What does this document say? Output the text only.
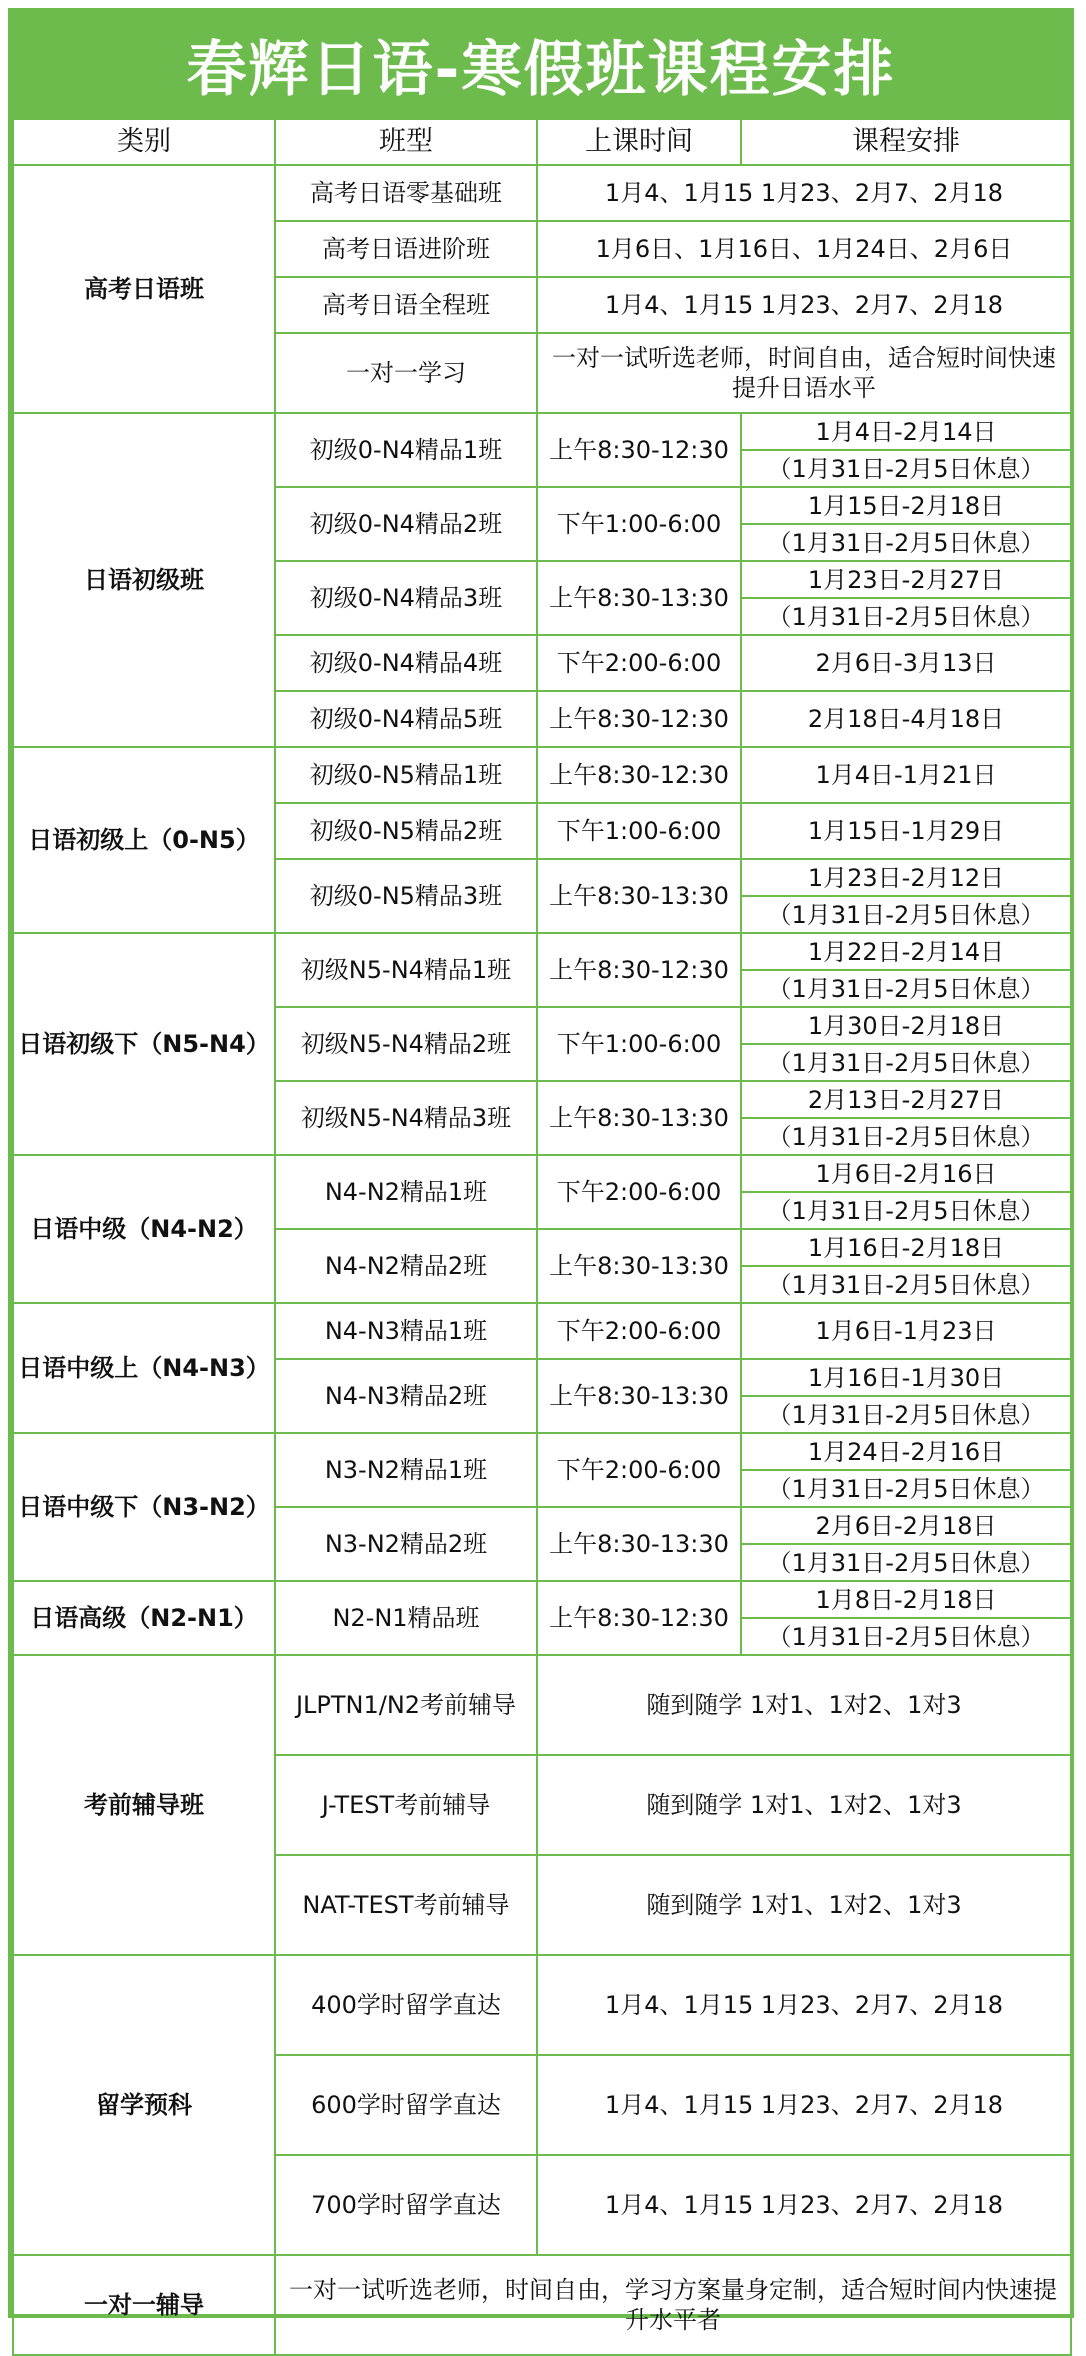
春辉日语-寒假班课程安排
类别	班型	上课时间	课程安排
高考日语班	高考日语零基础班	1月4、1月15 1月23、2月7、2月18	
	高考日语进阶班	1月6日、1月16日、1月24日、2月6日	
	高考日语全程班	1月4、1月15 1月23、2月7、2月18	
	一对一学习	一对一试听选老师，时间自由，适合短时间快速提升日语水平	
日语初级班	初级0-N4精品1班	上午8:30-12:30	1月4日-2月14日
			（1月31日-2月5日休息）
	初级0-N4精品2班	下午1:00-6:00	1月15日-2月18日
			（1月31日-2月5日休息）
	初级0-N4精品3班	上午8:30-13:30	1月23日-2月27日
			（1月31日-2月5日休息）
	初级0-N4精品4班	下午2:00-6:00	2月6日-3月13日
	初级0-N4精品5班	上午8:30-12:30	2月18日-4月18日
日语初级上（0-N5）	初级0-N5精品1班	上午8:30-12:30	1月4日-1月21日
	初级0-N5精品2班	下午1:00-6:00	1月15日-1月29日
	初级0-N5精品3班	上午8:30-13:30	1月23日-2月12日
			（1月31日-2月5日休息）
日语初级下（N5-N4）	初级N5-N4精品1班	上午8:30-12:30	1月22日-2月14日
			（1月31日-2月5日休息）
	初级N5-N4精品2班	下午1:00-6:00	1月30日-2月18日
			（1月31日-2月5日休息）
	初级N5-N4精品3班	上午8:30-13:30	2月13日-2月27日
			（1月31日-2月5日休息）
日语中级（N4-N2）	N4-N2精品1班	下午2:00-6:00	1月6日-2月16日
			（1月31日-2月5日休息）
	N4-N2精品2班	上午8:30-13:30	1月16日-2月18日
			（1月31日-2月5日休息）
日语中级上（N4-N3）	N4-N3精品1班	下午2:00-6:00	1月6日-1月23日
	N4-N3精品2班	上午8:30-13:30	1月16日-1月30日
			（1月31日-2月5日休息）
日语中级下（N3-N2）	N3-N2精品1班	下午2:00-6:00	1月24日-2月16日
			（1月31日-2月5日休息）
	N3-N2精品2班	上午8:30-13:30	2月6日-2月18日
			（1月31日-2月5日休息）
日语高级（N2-N1）	N2-N1精品班	上午8:30-12:30	1月8日-2月18日
			（1月31日-2月5日休息）
考前辅导班	JLPTN1/N2考前辅导	随到随学 1对1、1对2、1对3	
	J-TEST考前辅导	随到随学 1对1、1对2、1对3	
	NAT-TEST考前辅导	随到随学 1对1、1对2、1对3	
留学预科	400学时留学直达	1月4、1月15 1月23、2月7、2月18	
	600学时留学直达	1月4、1月15 1月23、2月7、2月18	
	700学时留学直达	1月4、1月15 1月23、2月7、2月18	
一对一辅导	一对一试听选老师，时间自由，学习方案量身定制，适合短时间内快速提升水平者		
